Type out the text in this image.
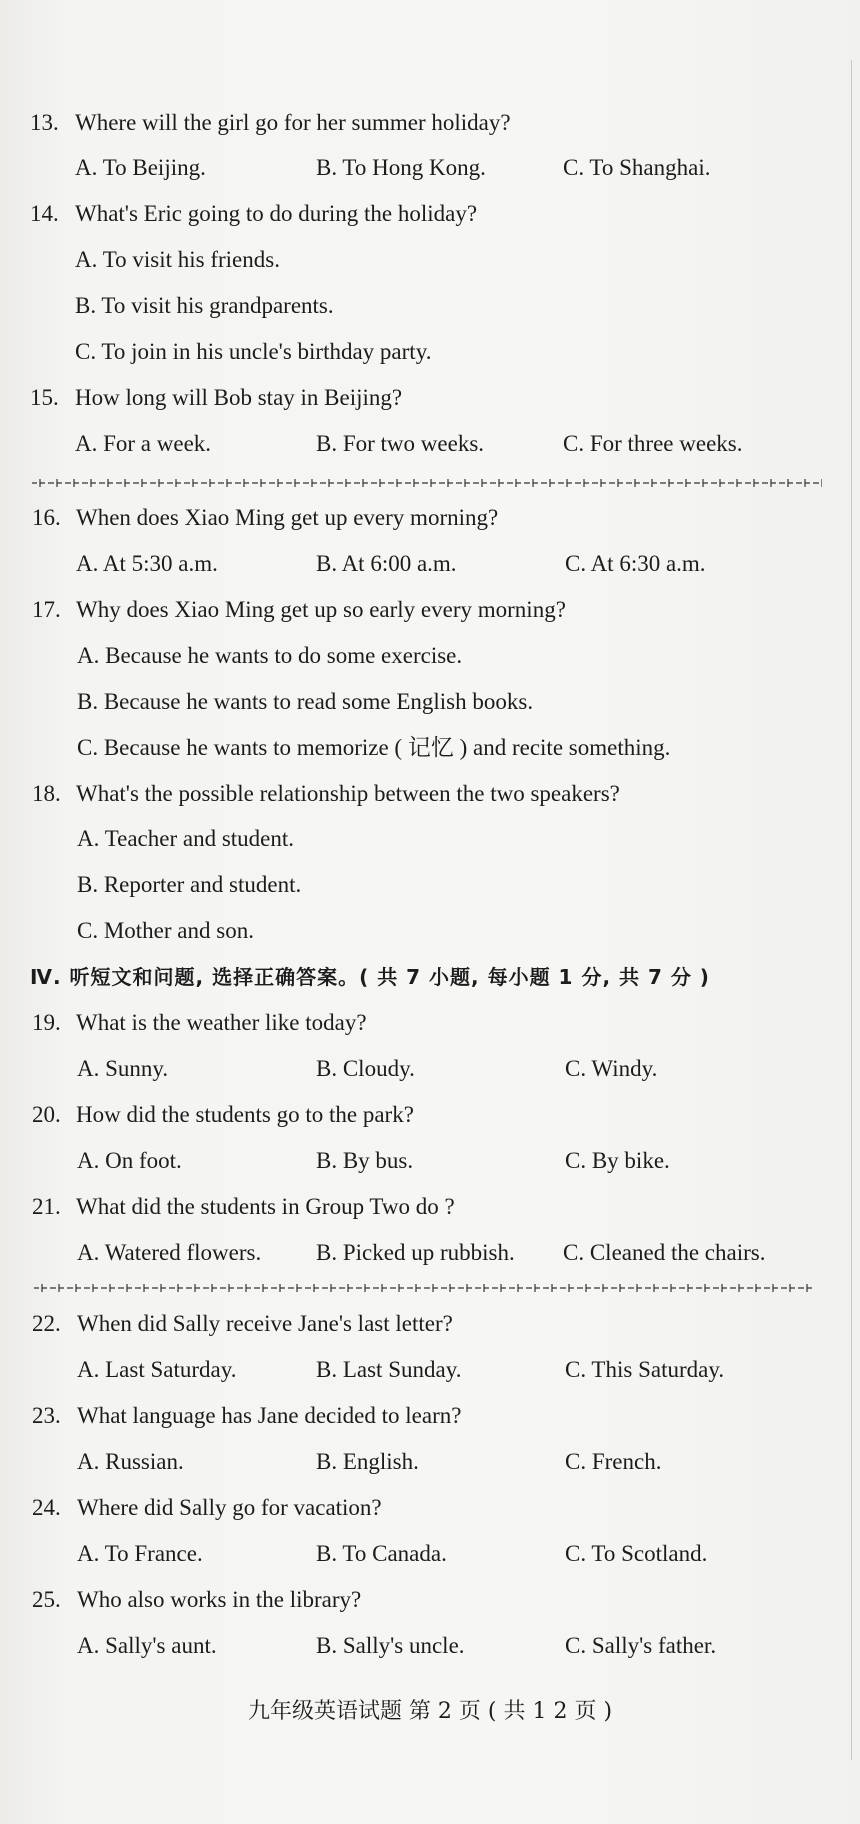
13. Where will the girl go for her summer holiday?
A. To Beijing.	B. To Hong Kong.	C. To Shanghai.
14. What's Eric going to do during the holiday?
A. To visit his friends.
B. To visit his grandparents.
C. To join in his uncle's birthday party.
15. How long will Bob stay in Beijing?
A. For a week.	B. For two weeks.	C. For three weeks.
16. When does Xiao Ming get up every morning?
A. At 5:30 a.m.	B. At 6:00 a.m.	C. At 6:30 a.m.
17. Why does Xiao Ming get up so early every morning?
A. Because he wants to do some exercise.
B. Because he wants to read some English books.
C. Because he wants to memorize ( 记忆 ) and recite something.
18. What's the possible relationship between the two speakers?
A. Teacher and student.
B. Reporter and student.
C. Mother and son.
Ⅳ. 听短文和问题, 选择正确答案。( 共 7 小题, 每小题 1 分, 共 7 分 )
19. What is the weather like today?
A. Sunny.	B. Cloudy.	C. Windy.
20. How did the students go to the park?
A. On foot.	B. By bus.	C. By bike.
21. What did the students in Group Two do ?
A. Watered flowers. B. Picked up rubbish. C. Cleaned the chairs.
22. When did Sally receive Jane's last letter?
A. Last Saturday.	B. Last Sunday.	C. This Saturday.
23. What language has Jane decided to learn?
A. Russian.	B. English.	C. French.
24. Where did Sally go for vacation?
A. To France.	B. To Canada.	C. To Scotland.
25. Who also works in the library?
A. Sally's aunt.	B. Sally's uncle.	C. Sally's father.
九年级英语试题 第 2 页 ( 共 1 2 页 )
